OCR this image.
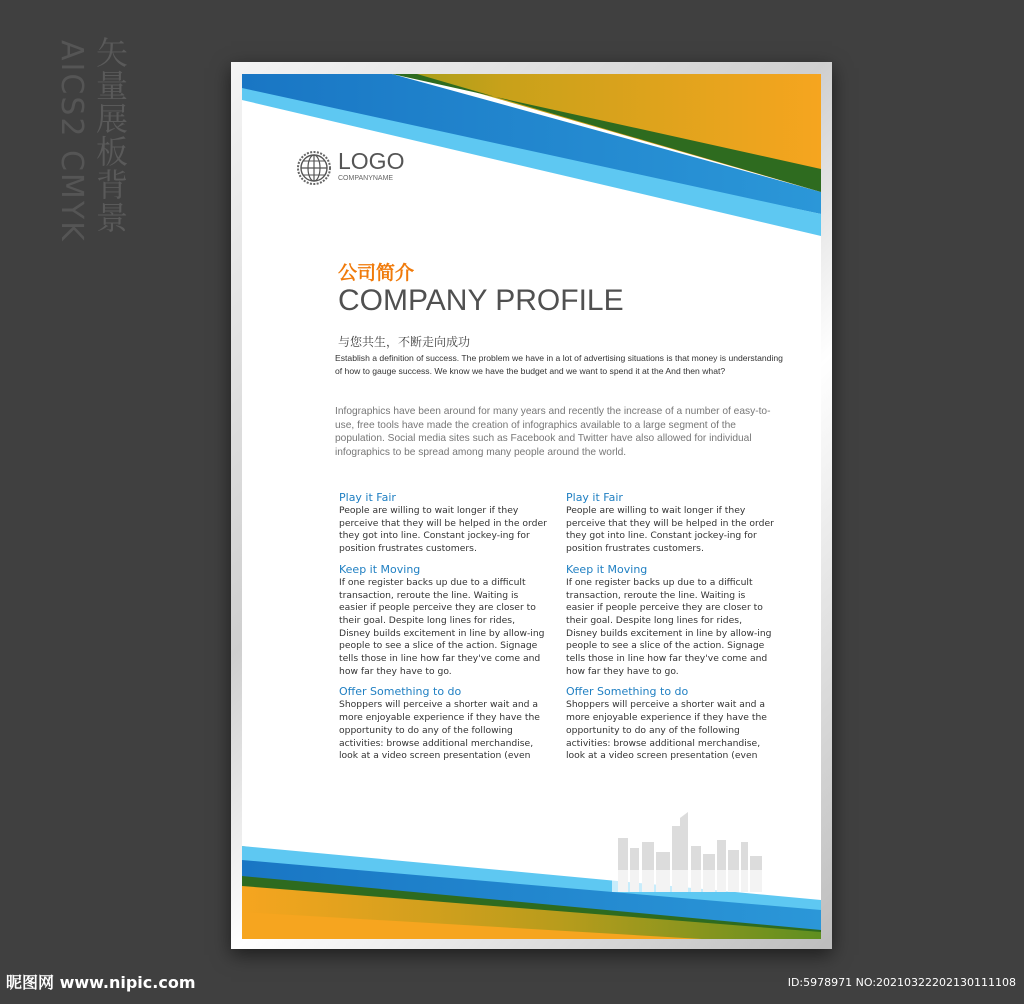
矢量展板背景
AICS2 CMYK	LOGO
COMPANYNAME
公司简介
COMPANY PROFILE
与您共生，不断走向成功
Establish a definition of success. The problem we have in a lot of advertising situations is that money is understanding of how to gauge success. We know we have the budget and we want to spend it at the And then what?
Infographics have been around for many years and recently the increase of a number of easy-to-use, free tools have made the creation of infographics available to a large segment of the population. Social media sites such as Facebook and Twitter have also allowed for individual infographics to be spread among many people around the world.
Play it Fair

People are willing to wait longer if they perceive that they will be helped in the order they got into line. Constant jockey-ing for position frustrates customers.

Keep it Moving

If one register backs up due to a difficult transaction, reroute the line. Waiting is easier if people perceive they are closer to their goal. Despite long lines for rides, Disney builds excitement in line by allow-ing people to see a slice of the action. Signage tells those in line how far they've come and how far they have to go.

Offer Something to do

Shoppers will perceive a shorter wait and a more enjoyable experience if they have the opportunity to do any of the following activities: browse additional merchandise, look at a video screen presentation (even

Play it Fair

People are willing to wait longer if they perceive that they will be helped in the order they got into line. Constant jockey-ing for position frustrates customers.

Keep it Moving

If one register backs up due to a difficult transaction, reroute the line. Waiting is easier if people perceive they are closer to their goal. Despite long lines for rides, Disney builds excitement in line by allow-ing people to see a slice of the action. Signage tells those in line how far they've come and how far they have to go.

Offer Something to do

Shoppers will perceive a shorter wait and a more enjoyable experience if they have the opportunity to do any of the following activities: browse additional merchandise, look at a video screen presentation (even

昵图网 www.nipic.com	ID:5978971 NO:20210322202130111108
